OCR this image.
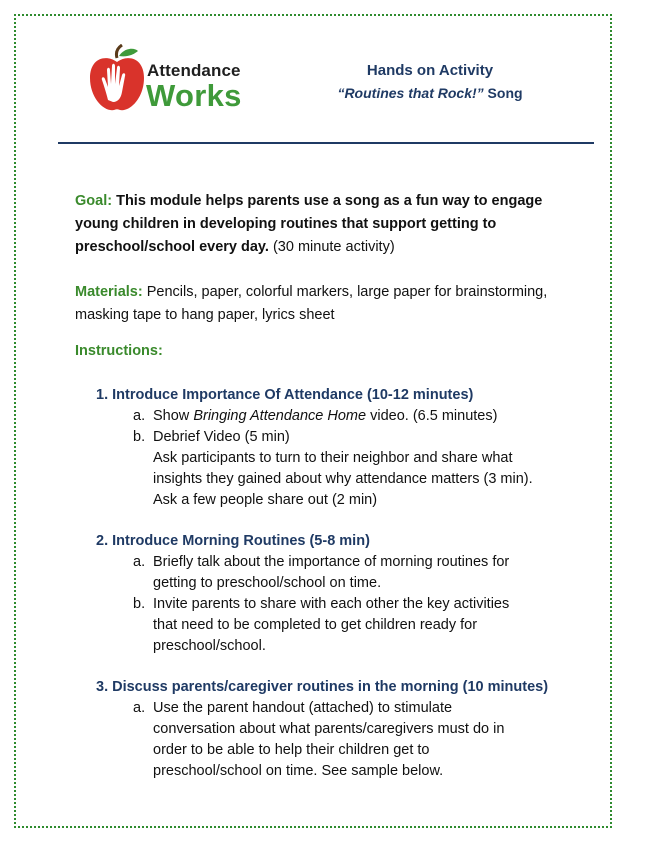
Attendance
Works
Hands on Activity
“Routines that Rock!” Song
Goal: This module helps parents use a song as a fun way to engage young children in developing routines that support getting to preschool/school every day. (30 minute activity)
Materials: Pencils, paper, colorful markers, large paper for brainstorming, masking tape to hang paper, lyrics sheet
Instructions:
1. Introduce Importance Of Attendance (10-12 minutes)
a. Show Bringing Attendance Home video. (6.5 minutes)
b. Debrief Video (5 min)
Ask participants to turn to their neighbor and share what
insights they gained about why attendance matters (3 min).
Ask a few people share out (2 min)
2. Introduce Morning Routines (5-8 min)
a. Briefly talk about the importance of morning routines for
getting to preschool/school on time.
b. Invite parents to share with each other the key activities
that need to be completed to get children ready for
preschool/school.
3. Discuss parents/caregiver routines in the morning (10 minutes)
a. Use the parent handout (attached) to stimulate
conversation about what parents/caregivers must do in
order to be able to help their children get to
preschool/school on time. See sample below.
